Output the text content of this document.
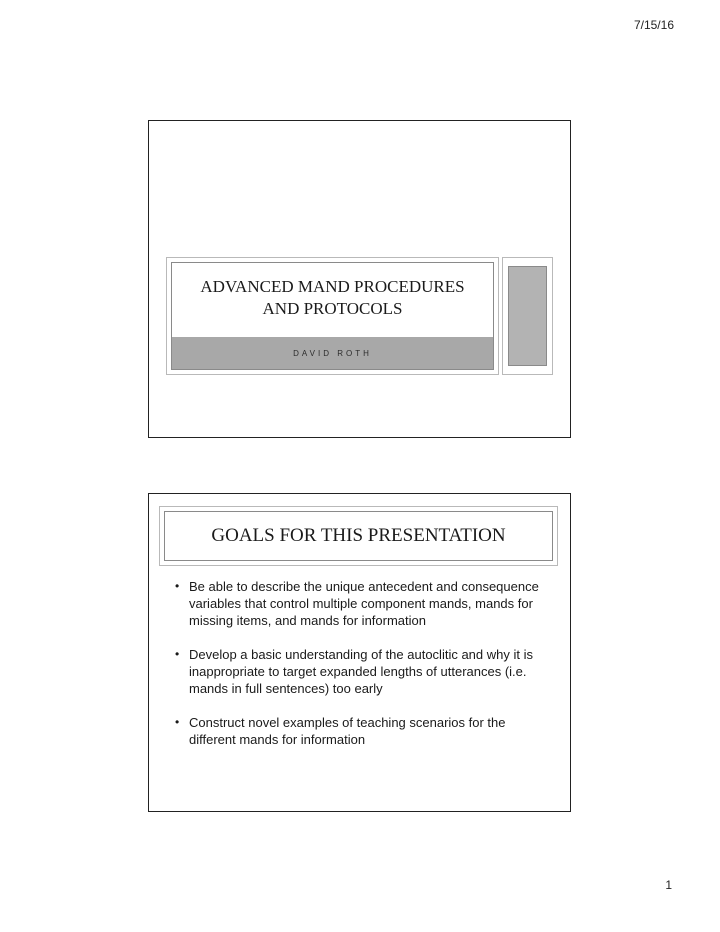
7/15/16
ADVANCED MAND PROCEDURES
AND PROTOCOLS
DAVID ROTH
GOALS FOR THIS PRESENTATION
• Be able to describe the unique antecedent and consequence variables that control multiple component mands, mands for missing items, and mands for information
• Develop a basic understanding of the autoclitic and why it is inappropriate to target expanded lengths of utterances (i.e. mands in full sentences) too early
• Construct novel examples of teaching scenarios for the different mands for information
1
